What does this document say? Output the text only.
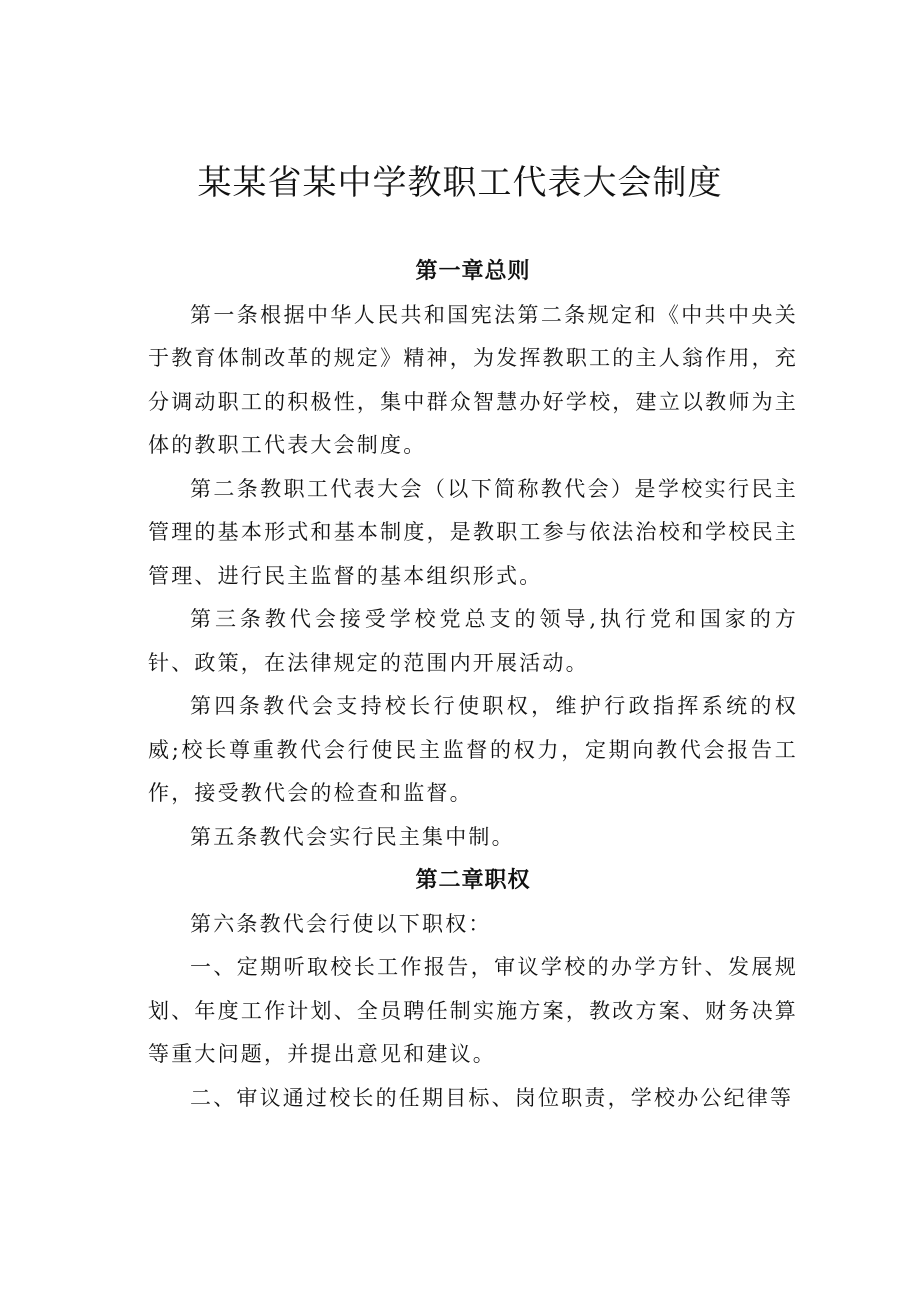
某某省某中学教职工代表大会制度
第一章总则

第一条根据中华人民共和国宪法第二条规定和《中共中央关于教育体制改革的规定》精神，为发挥教职工的主人翁作用，充分调动职工的积极性，集中群众智慧办好学校，建立以教师为主体的教职工代表大会制度。

第二条教职工代表大会（以下简称教代会）是学校实行民主管理的基本形式和基本制度，是教职工参与依法治校和学校民主管理、进行民主监督的基本组织形式。

第三条教代会接受学校党总支的领导,执行党和国家的方针、政策，在法律规定的范围内开展活动。

第四条教代会支持校长行使职权，维护行政指挥系统的权威;校长尊重教代会行使民主监督的权力，定期向教代会报告工作，接受教代会的检查和监督。

第五条教代会实行民主集中制。

第二章职权

第六条教代会行使以下职权：

一、定期听取校长工作报告，审议学校的办学方针、发展规划、年度工作计划、全员聘任制实施方案，教改方案、财务决算等重大问题，并提出意见和建议。

二、审议通过校长的任期目标、岗位职责，学校办公纪律等
